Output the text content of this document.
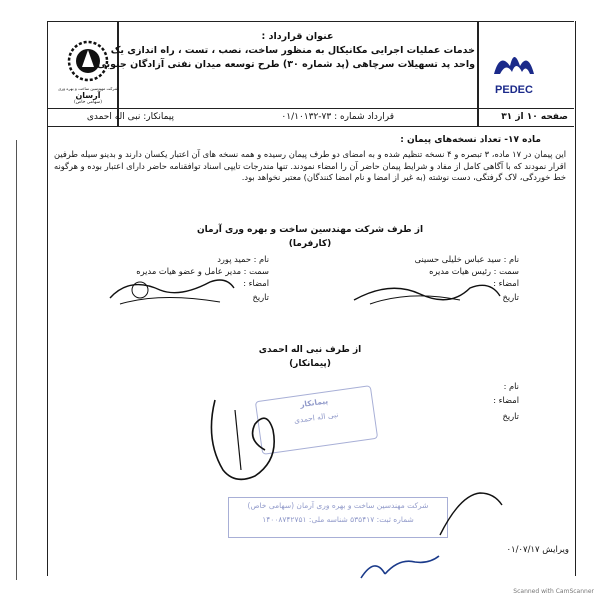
PEDEC
شرکت مهندسین ساخت و بهره وری
آرسان
(سهامی خاص)
عنوان قرارداد :
خدمات عملیات اجرایی مکانیکال به منظور ساخت، نصب ، تست ، راه اندازی یک
واحد پد تسهیلات سرچاهی (پد شماره ۳۰) طرح توسعه میدان نفتی آزادگان جنوبی
صفحه ۱۰ از ۳۱
قرارداد شماره : ۷۳-۰۱/۱۰۱۳۲
پیمانکار: نبی اله احمدی
ماده ۱۷- تعداد نسخه‌های پیمان :
این پیمان در ۱۷ ماده، ۳ تبصره و ۴ نسخه تنظیم شده و به امضای دو طرف پیمان رسیده و همه نسخه های آن اعتبار یکسان دارند و بدینو سیله طرفین اقرار نمودند که با آگاهی کامل از مفاد و شرایط پیمان حاضر آن را امضاء نمودند. تنها مندرجات تایپی اسناد توافقنامه حاضر دارای اعتبار بوده و هرگونه خط خوردگی، لاک گرفتگی، دست نوشته (به غیر از امضا و نام امضا کنندگان) معتبر نخواهد بود.
از طرف شرکت مهندسین ساخت و بهره وری آرمان
(کارفرما)
نام : سید عباس خلیلی حسینی
سمت : رئیس هیات مدیره
امضاء :
تاریخ
نام : حمید پورد
سمت : مدیر عامل و عضو هیات مدیره
امضاء :
تاریخ
از طرف نبی اله احمدی
(پیمانکار)
نام :
امضاء :
تاریخ
پیمانکار
نبی اله احمدی
شرکت مهندسین ساخت و بهره وری آرمان (سهامی خاص)
شماره ثبت: ۵۳۵۴۱۷ شناسه ملی: ۱۴۰۰۸۷۴۲۷۵۱
ویرایش ۰۱/۰۷/۱۷
Scanned with CamScanner
